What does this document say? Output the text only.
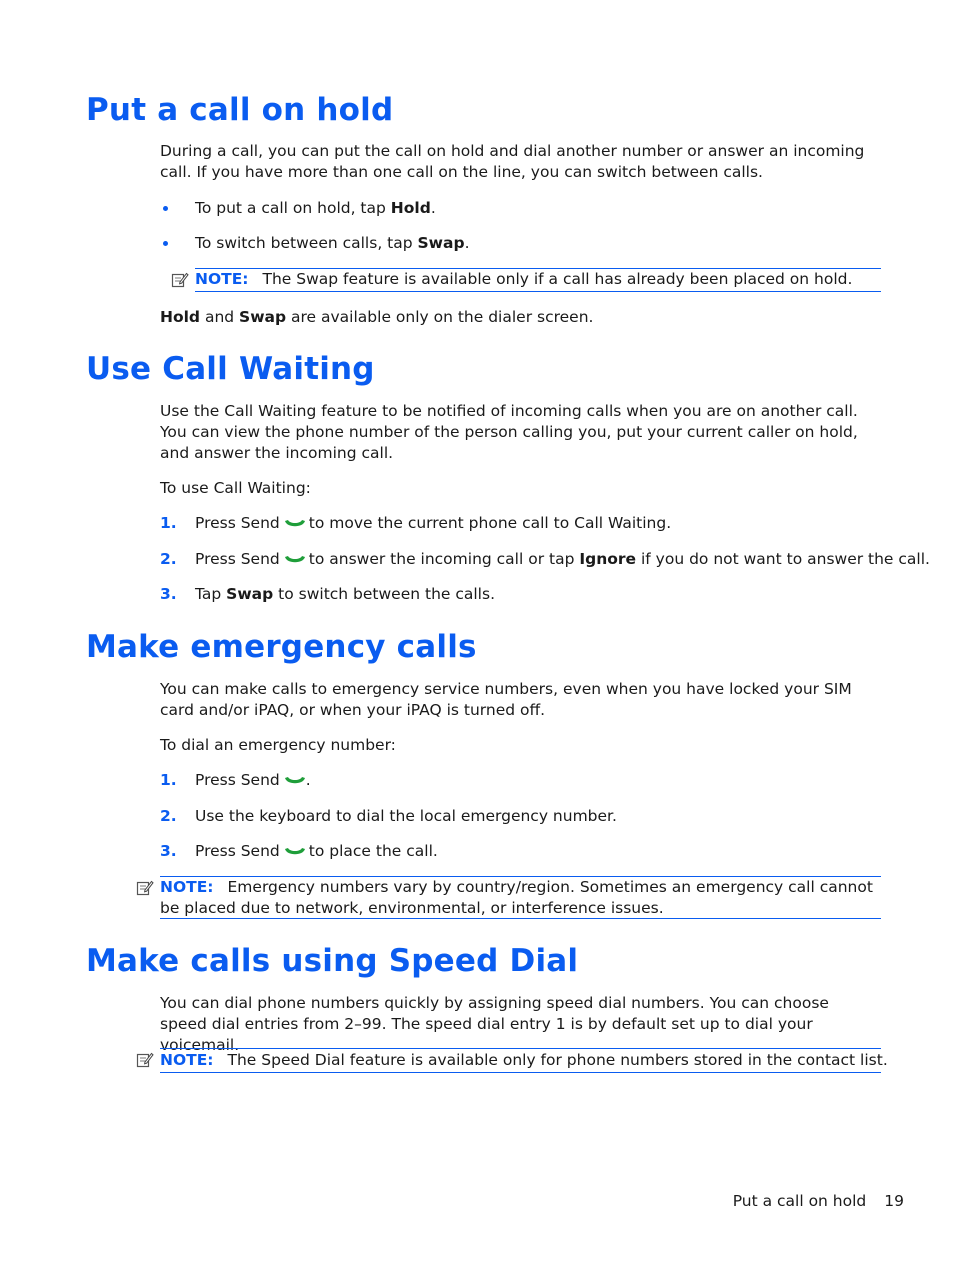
Put a call on hold

During a call, you can put the call on hold and dial another number or answer an incoming call. If you have more than one call on the line, you can switch between calls.

To put a call on hold, tap Hold.

To switch between calls, tap Swap.

NOTE: The Swap feature is available only if a call has already been placed on hold.

Hold and Swap are available only on the dialer screen.

Use Call Waiting

Use the Call Waiting feature to be notified of incoming calls when you are on another call. You can view the phone number of the person calling you, put your current caller on hold, and answer the incoming call.

To use Call Waiting:

1. Press Send to move the current phone call to Call Waiting.

2. Press Send to answer the incoming call or tap Ignore if you do not want to answer the call.

3. Tap Swap to switch between the calls.

Make emergency calls

You can make calls to emergency service numbers, even when you have locked your SIM card and/or iPAQ, or when your iPAQ is turned off.

To dial an emergency number:

1. Press Send .

2. Use the keyboard to dial the local emergency number.

3. Press Send to place the call.

NOTE: Emergency numbers vary by country/region. Sometimes an emergency call cannot be placed due to network, environmental, or interference issues.

Make calls using Speed Dial

You can dial phone numbers quickly by assigning speed dial numbers. You can choose speed dial entries from 2–99. The speed dial entry 1 is by default set up to dial your voicemail.

NOTE: The Speed Dial feature is available only for phone numbers stored in the contact list.

Put a call on hold 19
